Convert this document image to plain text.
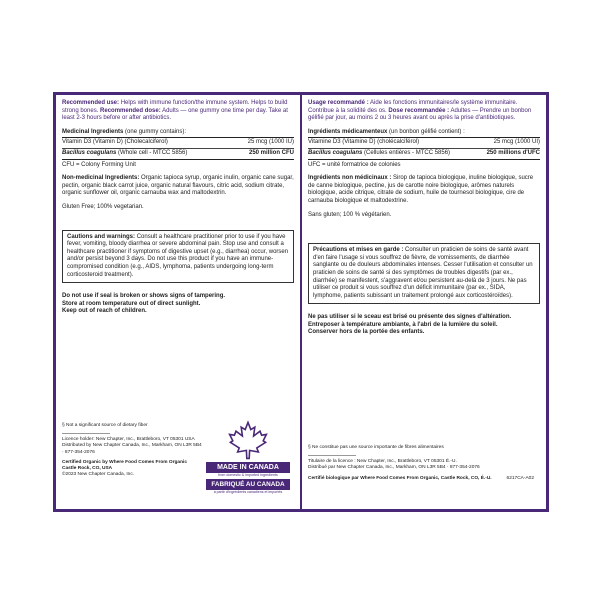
Recommended use: Helps with immune function/the immune system. Helps to build strong bones. Recommended dose: Adults — one gummy one time per day. Take at least 2-3 hours before or after antibiotics.

Medicinal Ingredients (one gummy contains):
Vitamin D3 (Vitamin D) (Cholecalciferol)	25 mcg (1000 IU)
Bacillus coagulans (Whole cell - MTCC 5856)	250 million CFU

CFU = Colony Forming Unit

Non-medicinal Ingredients: Organic tapioca syrup, organic inulin, organic cane sugar, pectin, organic black carrot juice, organic natural flavours, citric acid, sodium citrate, organic sunflower oil, organic carnauba wax and maltodextrin.

Gluten Free; 100% vegetarian.

Cautions and warnings: Consult a healthcare practitioner prior to use if you have fever, vomiting, bloody diarrhea or severe abdominal pain. Stop use and consult a healthcare practitioner if symptoms of digestive upset (e.g., diarrhea) occur, worsen and/or persist beyond 3 days. Do not use this product if you have an immune-compromised condition (e.g., AIDS, lymphoma, patients undergoing long-term corticosteroid treatment).
Do not use if seal is broken or shows signs of tampering.
Store at room temperature out of direct sunlight.
Keep out of reach of children.
§ Not a significant source of dietary fiber
Licence holder: New Chapter, Inc., Brattleboro, VT 05301 USA
Distributed by New Chapter Canada, Inc., Markham, ON L3R 5B4 · 877-354-2076
Certified Organic by Where Food Comes From Organic Castle Rock, CO, USA
©2023 New Chapter Canada, Inc.
MADE IN CANADA
from domestic & imported ingredients
FABRIQUÉ AU CANADA
à partir d'ingrédients canadiens et importés

Usage recommandé : Aide les fonctions immunitaires/le système immunitaire. Contribue à la solidité des os. Dose recommandée : Adultes — Prendre un bonbon gélifié par jour, au moins 2 ou 3 heures avant ou après la prise d'antibiotiques.

Ingrédients médicamenteux (un bonbon gélifié contient) :
Vitamine D3 (Vitamine D) (cholécalciférol)	25 mcg (1000 UI)
Bacillus coagulans (Cellules entières - MTCC 5856)	250 millions d'UFC

UFC = unité formatrice de colonies

Ingrédients non médicinaux : Sirop de tapioca biologique, inuline biologique, sucre de canne biologique, pectine, jus de carotte noire biologique, arômes naturels biologique, acide citrique, citrate de sodium, huile de tournesol biologique, cire de carnauba biologique et maltodextrine.

Sans gluten; 100 % végétarien.

Précautions et mises en garde : Consulter un praticien de soins de santé avant d'en faire l'usage si vous souffrez de fièvre, de vomissements, de diarrhée sanglante ou de douleurs abdominales intenses. Cesser l'utilisation et consulter un praticien de soins de santé si des symptômes de troubles digestifs (par ex., diarrhée) se manifestent, s'aggravent et/ou persistent au-delà de 3 jours. Ne pas utiliser ce produit si vous souffrez d'un déficit immunitaire (par ex., SIDA, lymphome, patients subissant un traitement prolongé aux corticostéroïdes).
Ne pas utiliser si le sceau est brisé ou présente des signes d'altération.
Entreposer à température ambiante, à l'abri de la lumière du soleil.
Conserver hors de la portée des enfants.
§ Ne constitue pas une source importante de fibres alimentaires
Titulaire de la licence : New Chapter, Inc., Brattleboro, VT 05301 É.-U.
Distribué par New Chapter Canada, Inc., Markham, ON L3R 5B4 · 877-354-2076
Certifié biologique par Where Food Comes From Organic, Castle Rock, CO, É.-U.	6217CA-A02
